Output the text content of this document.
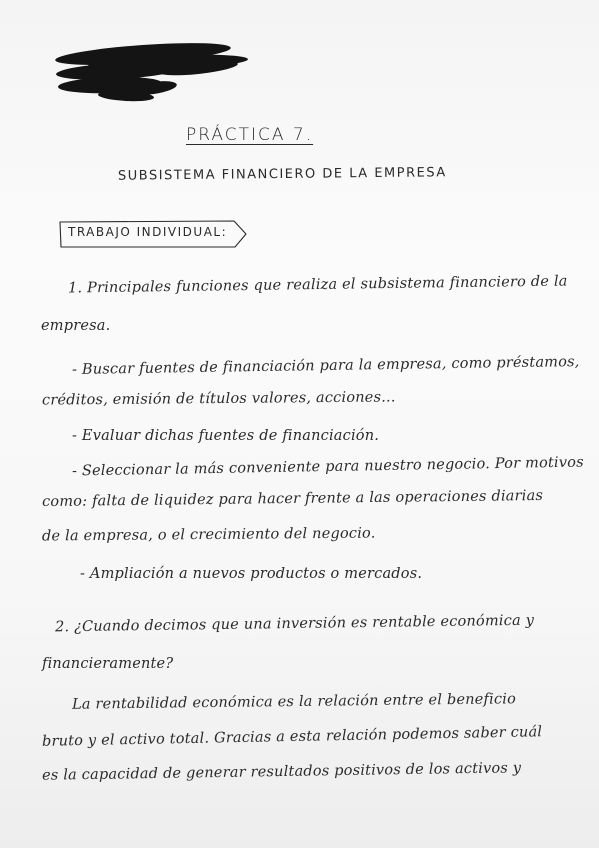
PRÁCTICA 7.
SUBSISTEMA FINANCIERO DE LA EMPRESA
TRABAJO INDIVIDUAL:
1. Principales funciones que realiza el subsistema financiero de la
empresa.
- Buscar fuentes de financiación para la empresa, como préstamos,
créditos, emisión de títulos valores, acciones...
- Evaluar dichas fuentes de financiación.
- Seleccionar la más conveniente para nuestro negocio. Por motivos
como: falta de liquidez para hacer frente a las operaciones diarias
de la empresa, o el crecimiento del negocio.
- Ampliación a nuevos productos o mercados.
2. ¿Cuando decimos que una inversión es rentable económica y
financieramente?
La rentabilidad económica es la relación entre el beneficio
bruto y el activo total. Gracias a esta relación podemos saber cuál
es la capacidad de generar resultados positivos de los activos y
